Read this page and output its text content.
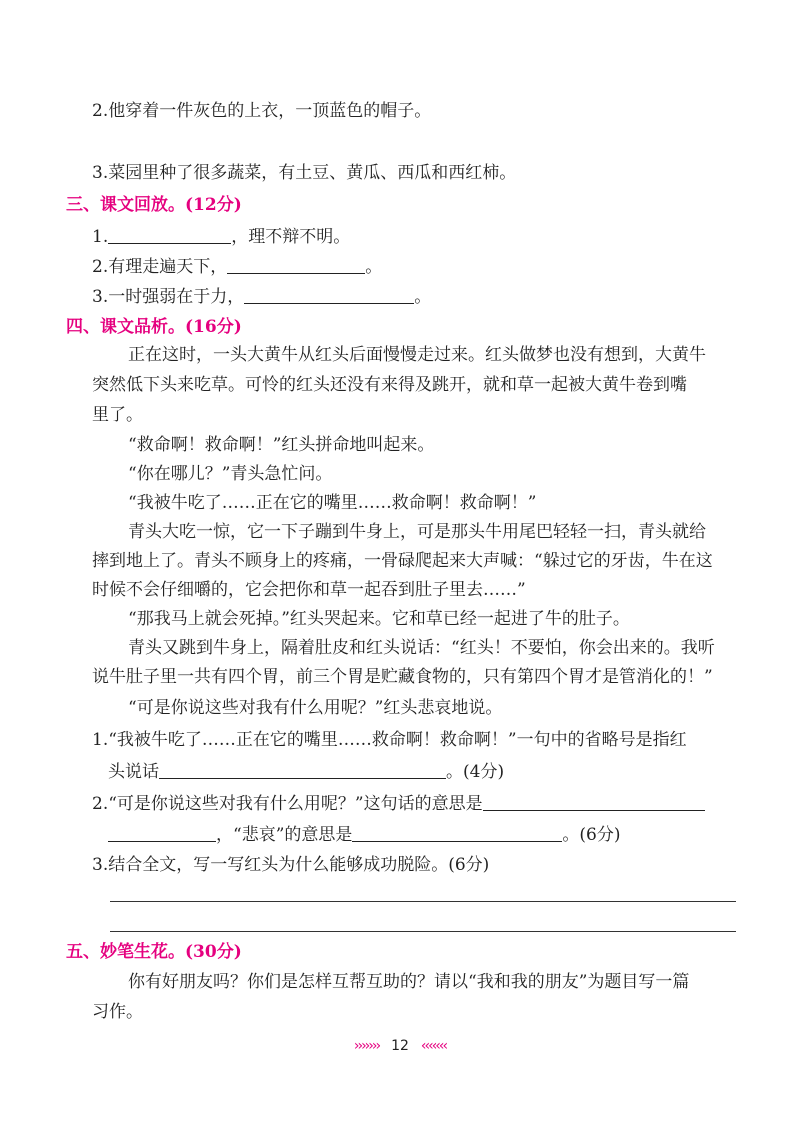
2.他穿着一件灰色的上衣，一顶蓝色的帽子。
3.菜园里种了很多蔬菜，有土豆、黄瓜、西瓜和西红柿。
三、课文回放。(12分)
1.	，理不辩不明。
2.有理走遍天下，	。
3.一时强弱在于力，	。
四、课文品析。(16分)
正在这时，一头大黄牛从红头后面慢慢走过来。红头做梦也没有想到，大黄牛
突然低下头来吃草。可怜的红头还没有来得及跳开，就和草一起被大黄牛卷到嘴
里了。
“救命啊！救命啊！”红头拼命地叫起来。
“你在哪儿？”青头急忙问。
“我被牛吃了……正在它的嘴里……救命啊！救命啊！”
青头大吃一惊，它一下子蹦到牛身上，可是那头牛用尾巴轻轻一扫，青头就给
摔到地上了。青头不顾身上的疼痛，一骨碌爬起来大声喊：“躲过它的牙齿，牛在这
时候不会仔细嚼的，它会把你和草一起吞到肚子里去……”
“那我马上就会死掉。”红头哭起来。它和草已经一起进了牛的肚子。
青头又跳到牛身上，隔着肚皮和红头说话：“红头！不要怕，你会出来的。我听
说牛肚子里一共有四个胃，前三个胃是贮藏食物的，只有第四个胃才是管消化的！”
“可是你说这些对我有什么用呢？”红头悲哀地说。
1.“我被牛吃了……正在它的嘴里……救命啊！救命啊！”一句中的省略号是指红
头说话	。(4分)
2.“可是你说这些对我有什么用呢？”这句话的意思是
，“悲哀”的意思是	。(6分)
3.结合全文，写一写红头为什么能够成功脱险。(6分)
五、妙笔生花。(30分)
你有好朋友吗？你们是怎样互帮互助的？请以“我和我的朋友”为题目写一篇
习作。
››››››› 12 ‹‹‹‹‹‹‹
